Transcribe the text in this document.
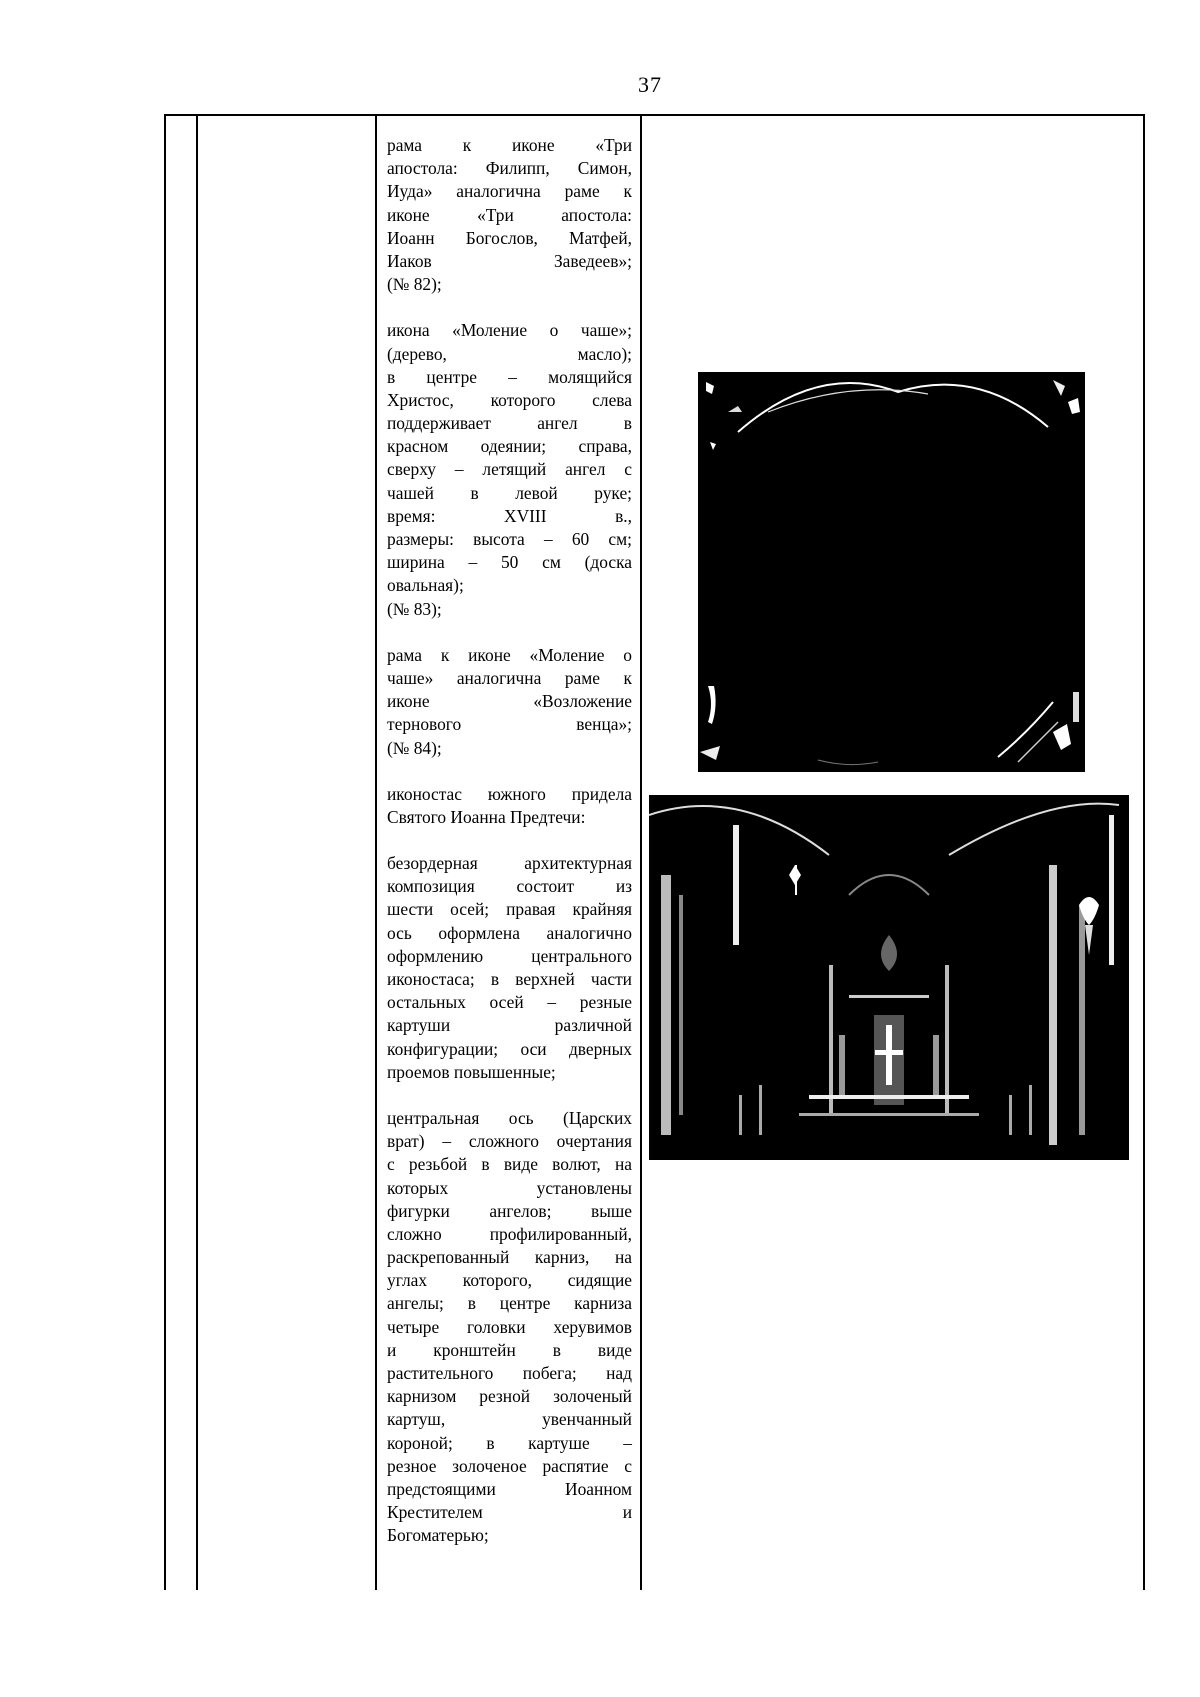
37
рама к иконе «Три
апостола: Филипп, Симон,
Иуда» аналогична раме к
иконе «Три апостола:
Иоанн Богослов, Матфей,
Иаков Заведеев»;
(№ 82);
икона «Моление о чаше»;
(дерево, масло);
в центре – молящийся
Христос, которого слева
поддерживает ангел в
красном одеянии; справа,
сверху – летящий ангел с
чашей в левой руке;
время: XVIII в.,
размеры: высота – 60 см;
ширина – 50 см (доска
овальная);
(№ 83);
рама к иконе «Моление о
чаше» аналогична раме к
иконе «Возложение
тернового венца»;
(№ 84);
иконостас южного придела
Святого Иоанна Предтечи:
безордерная архитектурная
композиция состоит из
шести осей; правая крайняя
ось оформлена аналогично
оформлению центрального
иконостаса; в верхней части
остальных осей – резные
картуши различной
конфигурации; оси дверных
проемов повышенные;
центральная ось (Царских
врат) – сложного очертания
с резьбой в виде волют, на
которых установлены
фигурки ангелов; выше
сложно профилированный,
раскрепованный карниз, на
углах которого, сидящие
ангелы; в центре карниза
четыре головки херувимов
и кронштейн в виде
растительного побега; над
карнизом резной золоченый
картуш, увенчанный
короной; в картуше –
резное золоченое распятие с
предстоящими Иоанном
Крестителем и
Богоматерью;
